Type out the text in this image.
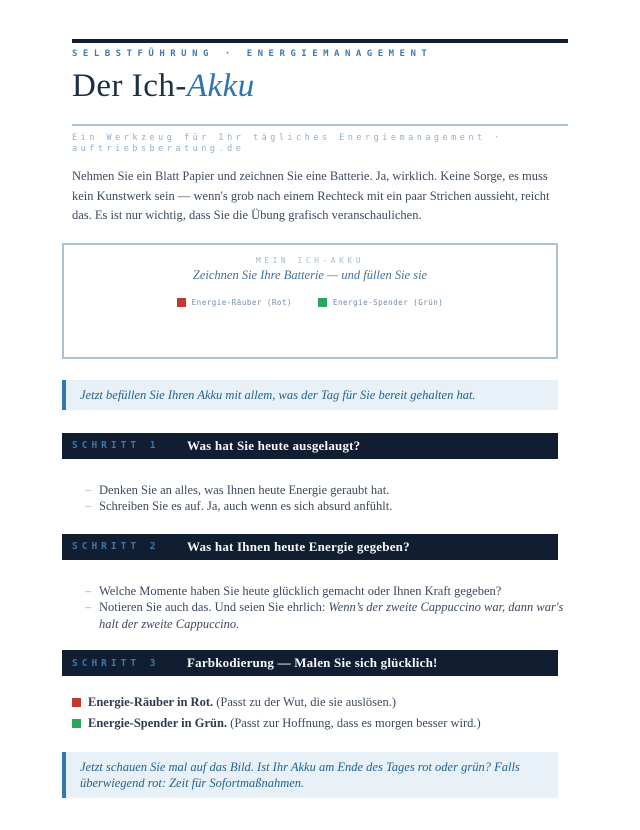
SELBSTFÜHRUNG · ENERGIEMANAGEMENT
Der Ich-Akku
Ein Werkzeug für Ihr tägliches Energiemanagement · auftriebsberatung.de

Nehmen Sie ein Blatt Papier und zeichnen Sie eine Batterie. Ja, wirklich. Keine Sorge, es muss kein Kunstwerk sein — wenn's grob nach einem Rechteck mit ein paar Strichen aussieht, reicht das. Es ist nur wichtig, dass Sie die Übung grafisch veranschaulichen.

MEIN ICH-AKKU
Zeichnen Sie Ihre Batterie — und füllen Sie sie
Energie-Räuber (Rot)	Energie-Spender (Grün)
Jetzt befüllen Sie Ihren Akku mit allem, was der Tag für Sie bereit gehalten hat.
SCHRITT 1	Was hat Sie heute ausgelaugt?
– Denken Sie an alles, was Ihnen heute Energie geraubt hat.
– Schreiben Sie es auf. Ja, auch wenn es sich absurd anfühlt.
SCHRITT 2	Was hat Ihnen heute Energie gegeben?
– Welche Momente haben Sie heute glücklich gemacht oder Ihnen Kraft gegeben?
– Notieren Sie auch das. Und seien Sie ehrlich: Wenn’s der zweite Cappuccino war, dann war's halt der zweite Cappuccino.
SCHRITT 3	Farbkodierung — Malen Sie sich glücklich!
Energie-Räuber in Rot. (Passt zu der Wut, die sie auslösen.)
Energie-Spender in Grün. (Passt zur Hoffnung, dass es morgen besser wird.)
Jetzt schauen Sie mal auf das Bild. Ist Ihr Akku am Ende des Tages rot oder grün? Falls überwiegend rot: Zeit für Sofortmaßnahmen.
